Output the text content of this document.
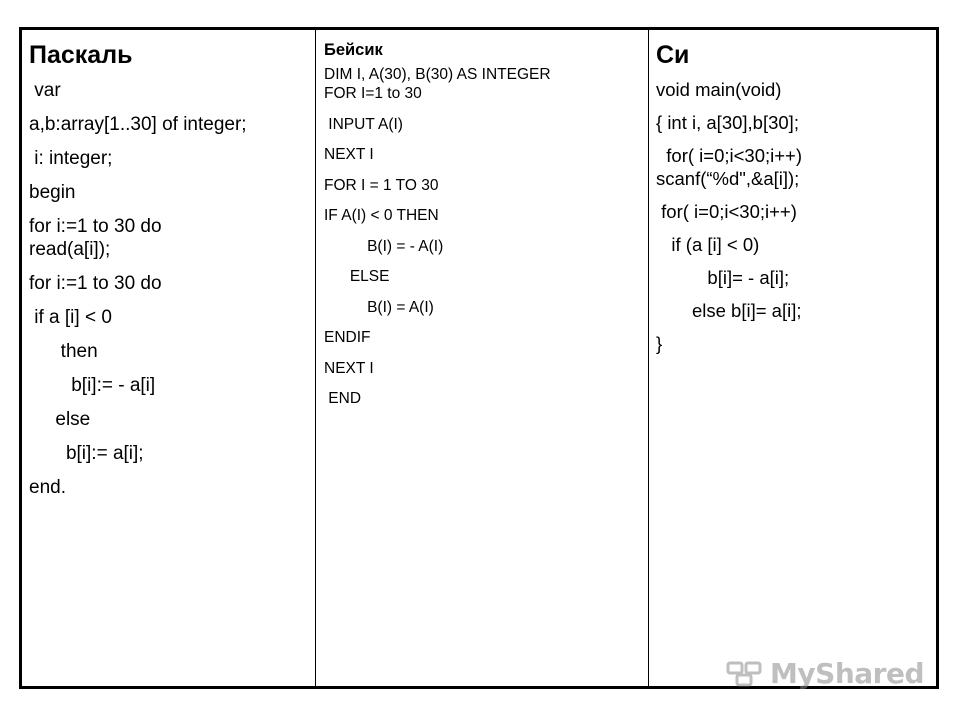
Паскаль
var
a,b:array[1..30] of integer;
i: integer;
begin
for i:=1 to 30 do
read(a[i]);
for i:=1 to 30 do
if a [i] < 0
then
b[i]:= - a[i]
else
b[i]:= a[i];
end.
Бейсик
DIM I, A(30), B(30) AS INTEGER
FOR I=1 to 30
INPUT A(I)
NEXT I
FOR I = 1 TO 30
IF A(I) < 0 THEN
B(I) = - A(I)
ELSE
B(I) = A(I)
ENDIF
NEXT I
END
Си
void main(void)
{ int i, a[30],b[30];
for( i=0;i<30;i++)
scanf(“%d",&a[i]);
for( i=0;i<30;i++)
if (a [i] < 0)
b[i]= - a[i];
else b[i]= a[i];
}
MyShared
